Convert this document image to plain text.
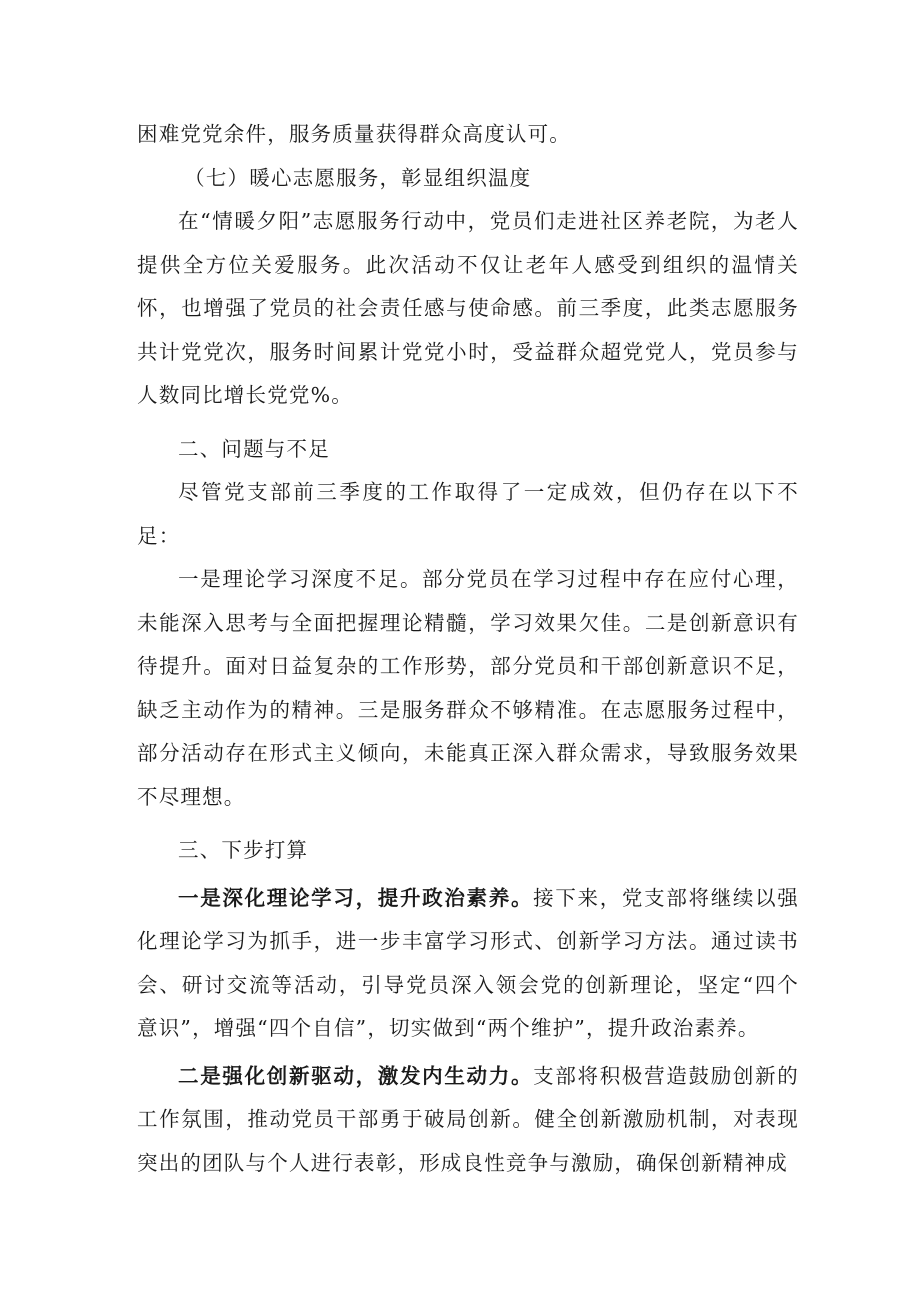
困难党党余件，服务质量获得群众高度认可。

（七）暖心志愿服务，彰显组织温度

在“情暖夕阳”志愿服务行动中，党员们走进社区养老院，为老人提供全方位关爱服务。此次活动不仅让老年人感受到组织的温情关怀，也增强了党员的社会责任感与使命感。前三季度，此类志愿服务共计党党次，服务时间累计党党小时，受益群众超党党人，党员参与人数同比增长党党%。

二、问题与不足

尽管党支部前三季度的工作取得了一定成效，但仍存在以下不足：

一是理论学习深度不足。部分党员在学习过程中存在应付心理，未能深入思考与全面把握理论精髓，学习效果欠佳。二是创新意识有待提升。面对日益复杂的工作形势，部分党员和干部创新意识不足，缺乏主动作为的精神。三是服务群众不够精准。在志愿服务过程中，部分活动存在形式主义倾向，未能真正深入群众需求，导致服务效果不尽理想。

三、下步打算

一是深化理论学习，提升政治素养。接下来，党支部将继续以强化理论学习为抓手，进一步丰富学习形式、创新学习方法。通过读书会、研讨交流等活动，引导党员深入领会党的创新理论，坚定“四个意识”，增强“四个自信”，切实做到“两个维护”，提升政治素养。

二是强化创新驱动，激发内生动力。支部将积极营造鼓励创新的工作氛围，推动党员干部勇于破局创新。健全创新激励机制，对表现突出的团队与个人进行表彰，形成良性竞争与激励，确保创新精神成
